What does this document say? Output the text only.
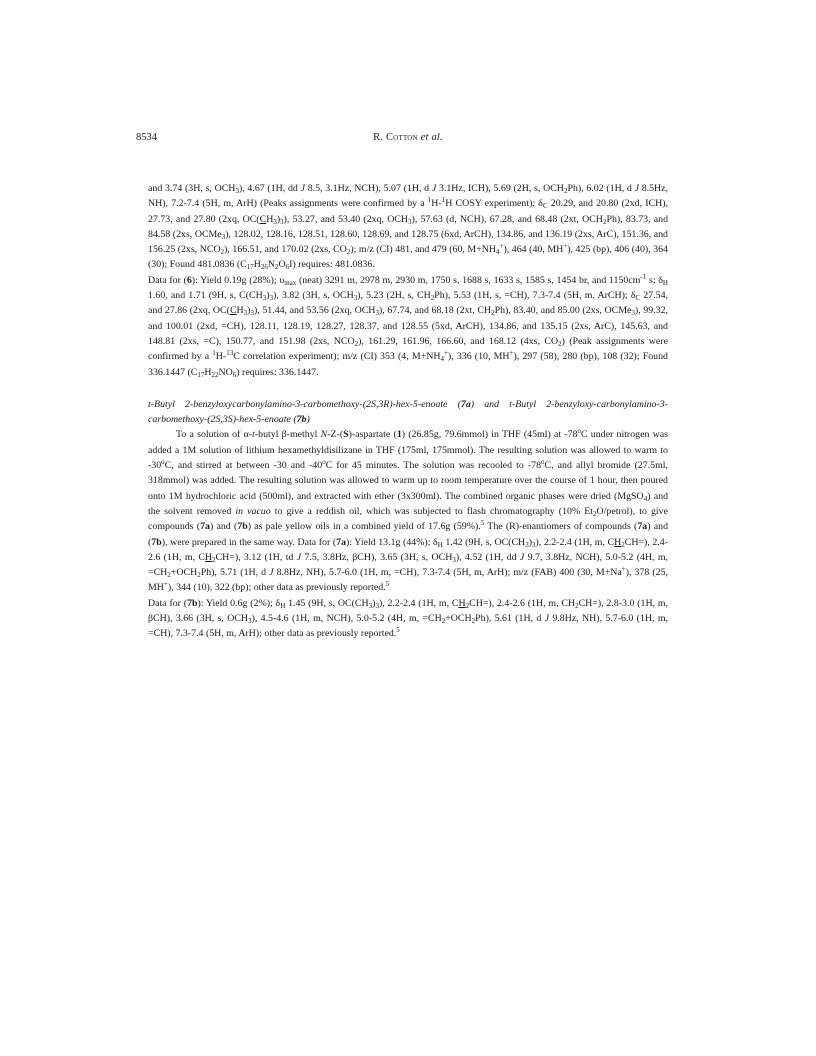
8534	R. Cotton et al.

and 3.74 (3H, s, $OCH_3$), 4.67 (1H, dd J 8.5, 3.1Hz, NCH), 5.07 (1H, d J 3.1Hz, ICH), 5.69 (2H, s, $OCH_2Ph$), 6.02 (1H, d J 8.5Hz, NH), 7.2-7.4 (5H, m, ArH) (Peaks assignments were confirmed by a $^1$H-$^1$H COSY experiment); $\delta_C$ 20.29, and 20.80 (2xd, ICH), 27.73, and 27.80 (2xq, $OC(CH_3)_3$), 53.27, and 53.40 (2xq, $OCH_3$), 57.63 (d, NCH), 67.28, and 68.48 (2xt, $OCH_2Ph$), 83.73, and 84.58 (2xs, OCMe$_3$), 128.02, 128.16, 128.51, 128.60, 128.69, and 128.75 (6xd, ArCH), 134.86, and 136.19 (2xs, ArC), 151.36, and 156.25 (2xs, $NCO_2$), 166.51, and 170.02 (2xs, $CO_2$); m/z (CI) 481, and 479 (60, $M+NH_4^+$), 464 (40, MH+), 425 (bp), 406 (40), 364 (30); Found 481.0836 $(C_{17}H_{26}N_2O_6I)$ requires: 481.0836.

Data for (6): Yield 0.19g (28%); $\upsilon_{max}$ (neat) 3291 m, 2978 m, 2930 m, 1750 s, 1688 s, 1633 s, 1585 s, 1454 br, and $1150cm^{-1}$ s; $\delta_H$ 1.60, and 1.71 (9H, s, $C(CH_3)_3$), 3.82 (3H, s, $OCH_3$), 5.23 (2H, s, $CH_2Ph$), 5.53 (1H, s, =CH), 7.3-7.4 (5H, m, ArCH); $\delta_C$ 27.54, and 27.86 (2xq, $OC(CH_3)_3$), 51.44, and 53.56 (2xq, $OCH_3$), 67.74, and 68.18 (2xt, $CH_2Ph$), 83.40, and 85.00 (2xs, OCMe$_3$), 99.32, and 100.01 (2xd, =CH), 128.11, 128.19, 128.27, 128.37, and 128.55 (5xd, ArCH), 134.86, and 135.15 (2xs, ArC), 145.63, and 148.81 (2xs, =C), 150.77, and 151.98 (2xs, $NCO_2$), 161.29, 161.96, 166.60, and 168.12 (4xs, $CO_2$) (Peak assignments were confirmed by a $^1$H-$^{13}$C correlation experiment); m/z (CI) 353 (4, $M+NH_4^+$), 336 (10, MH+), 297 (58), 280 (bp), 108 (32); Found 336.1447 $(C_{17}H_{22}NO_6)$ requires: 336.1447.

t-Butyl 2-benzyloxycarbonylamino-3-carbomethoxy-(2S,3R)-hex-5-enoate (7a) and t-Butyl 2-benzyloxy-carbonylamino-3-carbomethoxy-(2S,3S)-hex-5-enoate (7b)

To a solution of α-t-butyl β-methyl N-Z-(S)-aspartate (1) (26.85g, 79.6mmol) in THF (45ml) at -78$^o$C under nitrogen was added a 1M solution of lithium hexamethyldisilizane in THF (175ml, 175mmol). The resulting solution was allowed to warm to -30$^o$C, and stirred at between -30 and -40$^o$C for 45 minutes. The solution was recooled to -78$^o$C, and allyl bromide (27.5ml, 318mmol) was added. The resulting solution was allowed to warm up to room temperature over the course of 1 hour, then poured onto 1M hydrochloric acid (500ml), and extracted with ether (3x300ml). The combined organic phases were dried (MgSO$_4$) and the solvent removed in vacuo to give a reddish oil, which was subjected to flash chromatography (10% $Et_2O/petrol$), to give compounds (7a) and (7b) as pale yellow oils in a combined yield of 17.6g (59%).$^5$ The (R)-enantiomers of compounds (7a) and (7b), were prepared in the same way. Data for (7a): Yield 13.1g (44%); $\delta_H$ 1.42 (9H, s, $OC(CH_3)_3$), 2.2-2.4 (1H, m, $CH_2CH=$), 2.4-2.6 (1H, m, $CH_2CH=$), 3.12 (1H, td J 7.5, 3.8Hz, βCH), 3.65 (3H, s, $OCH_3$), 4.52 (1H, dd J 9.7, 3.8Hz, NCH), 5.0-5.2 (4H, m, $=CH_2+OCH_2Ph$), 5.71 (1H, d J 8.8Hz, NH), 5.7-6.0 (1H, m, =CH), 7.3-7.4 (5H, m, ArH); m/z (FAB) 400 (30, M+Na+), 378 (25, MH+), 344 (10), 322 (bp); other data as previously reported.$^5$

Data for (7b): Yield 0.6g (2%); $\delta_H$ 1.45 (9H, s, $OC(CH_3)_3$), 2.2-2.4 (1H, m, $CH_2CH=$), 2.4-2.6 (1H, m, $CH_2CH=$), 2.8-3.0 (1H, m, βCH), 3.66 (3H, s, $OCH_3$), 4.5-4.6 (1H, m, NCH), 5.0-5.2 (4H, m, $=CH_2+OCH_2Ph$), 5.61 (1H, d J 9.8Hz, NH), 5.7-6.0 (1H, m, =CH), 7.3-7.4 (5H, m, ArH); other data as previously reported.$^5$
